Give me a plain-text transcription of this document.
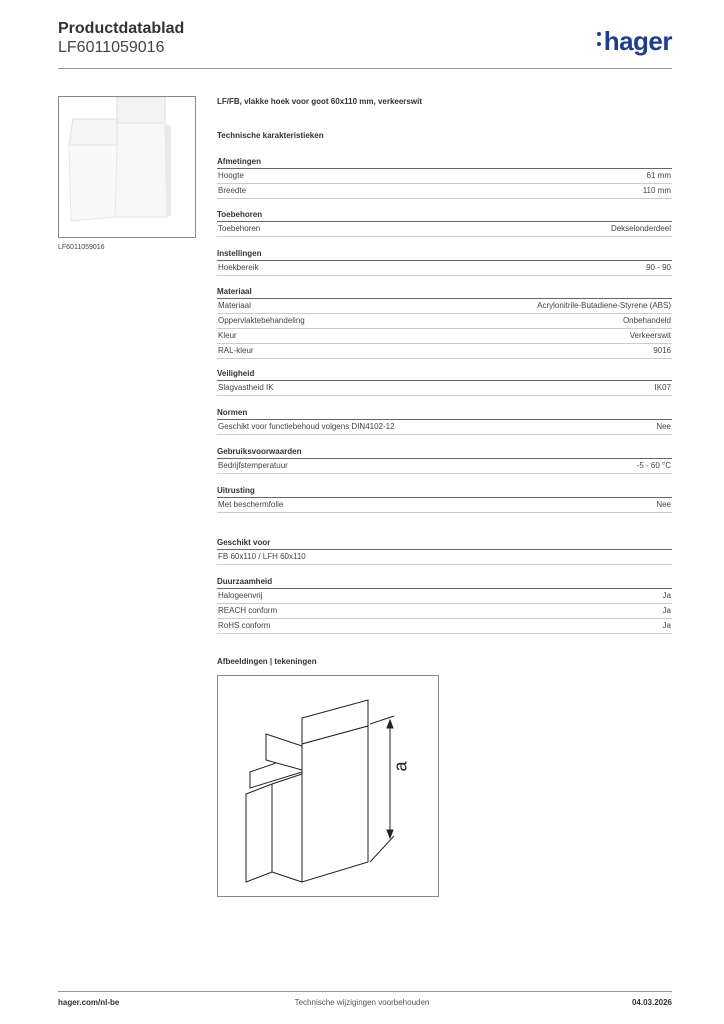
Productdatablad
LF6011059016	hager
LF6011059016
LF/FB, vlakke hoek voor goot 60x110 mm, verkeerswit
Technische karakteristieken
Afmetingen
Hoogte	61 mm
Breedte	110 mm
Toebehoren
Toebehoren	Dekselonderdeel
Instellingen
Hoekbereik	90 - 90
Materiaal
Materiaal	Acrylonitrile-Butadiene-Styrene (ABS)
Oppervlaktebehandeling	Onbehandeld
Kleur	Verkeerswit
RAL-kleur	9016
Veiligheid
Slagvastheid IK	IK07
Normen
Geschikt voor functiebehoud volgens DIN4102-12	Nee
Gebruiksvoorwaarden
Bedrijfstemperatuur	-5 - 60 °C
Uitrusting
Met beschermfolie	Nee
Geschikt voor
FB 60x110 / LFH 60x110
Duurzaamheid
Halogeenvrij	Ja
REACH conform	Ja
RoHS conform	Ja
Afbeeldingen | tekeningen
a
hager.com/nl-be	Technische wijzigingen voorbehouden	04.03.2026
